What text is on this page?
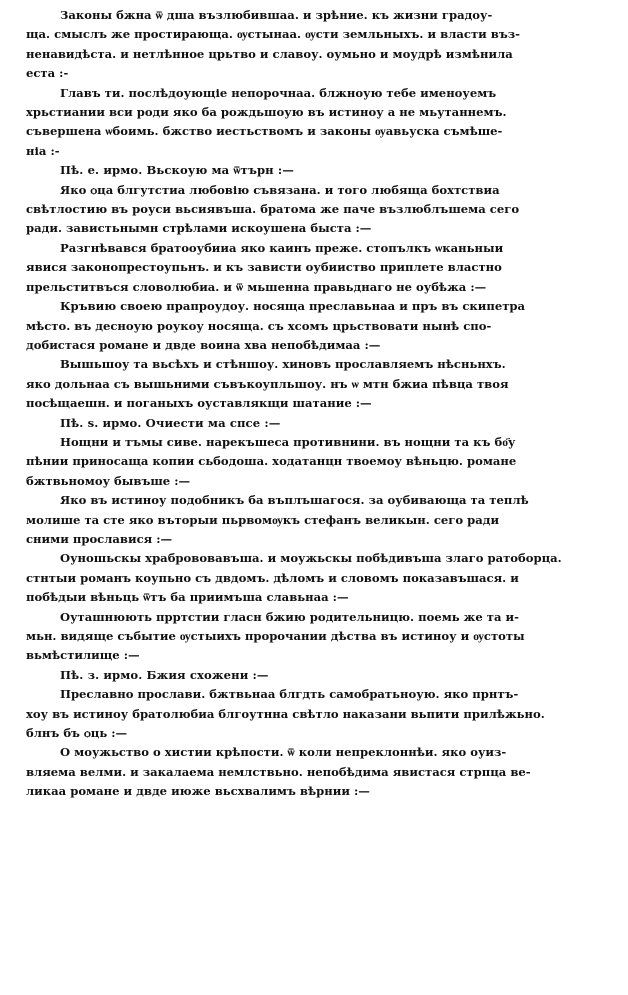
Законы бжна ѿ дша възлюбившаа. и зрѣние. къ жизни градоу-
ща. смыслъ же простирающа. ѹстынаа. ѹсти земльныхъ. и власти въз-
ненавидѣста. и нетлѣнное црьтво и славоу. оумьно и моудрѣ измѣнила
еста :-
Главъ ти. послѣдоующіе непорочнаа. блжноую тебе именоуемъ
хрьстиании вси роди яко ба рождьшоую въ истиноу а не мьутаннемъ.
съвершена ѡбоимь. бжство иестьствомъ и законы ѹавьуска съмѣше-
ніа :-
Пѣ. е. ирмо. Вьскоую ма ѿтърн :—
Яко ѻца блгутстиа любовію съвязана. и того любяща бохтствиа
свѣтлостию въ роуси вьсиявъша. братома же паче възлюблъшема сего
ради. завистьнымн стрѣлами искоушена быста :—
Разгнѣвався братооубииа яко каинъ преже. стопълкъ ѡканьныи
явися законопрестоупьнъ. и къ зависти оубииство приплете властно
прельститвъся словолюбиа. и ѿ мьшенна правьднаго не оубѣжа :—
Кръвию своею прапроудоу. носяща преславьнаа и пръ въ скипетра
мѣсто. въ десноую роукоу носяща. съ хсомъ црьствовати нынѣ спо-
добистася романе и двде воина хва непобѣдимаа :—
Вышьшоу та вьсѣхъ и стѣншоу. хиновъ прославляемъ нѣсньнхъ.
яко дольнаа съ вышьними съвъкоупльшоу. нъ ѡ мтн бжиа пѣвца твоя
посѣщаешн. и поганыхъ оуставлякщи шатание :—
Пѣ. ѕ. ирмо. Очиести ма спсе :—
Нощни и тъмы сиве. нарекъшеса противнини. въ нощни та къ бо҃у
пѣнии приносаща копии сьбодоша. ходатанцн твоемоу вѣньцю. романе
бжтвьномоу бывъше :—
Яко въ истиноу подобникъ ба въплъшагося. за оубивающа та теплѣ
молише та сте яко въторыи пьрвомѹкъ стефанъ великын. сего ради
сними прославися :—
Оуношьскы храбрововавъша. и моужьскы побѣдивъша злаго ратоборца.
стнтыи романъ коупьно съ двдомъ. дѣломъ и словомъ показавъшася. и
побѣдыи вѣньць ѿтъ ба приимъша славьнаа :—
Оуташнюють прртстии гласн бжию родительницю. поемь же та и-
мьн. видяще събытие ѹстыихъ пророчании дѣства въ истиноу и ѹстоты
вьмѣстилище :—
Пѣ. з. ирмо. Бжия схожени :—
Преславно прослави. бжтвьнаа блгдть самобратьноую. яко прнтъ-
хоу въ истиноу братолюбиа блгоутнна свѣтло наказани вьпити прилѣжьно.
блнъ бъ ѻць :—
О моужьство о хистии крѣпости. ѿ коли непреклоннѣи. яко оуиз-
вляема велми. и закалаема немлствьно. непобѣдима явистася стрпца ве-
ликаа романе и двде июже вьсхвалимъ вѣрнии :—
